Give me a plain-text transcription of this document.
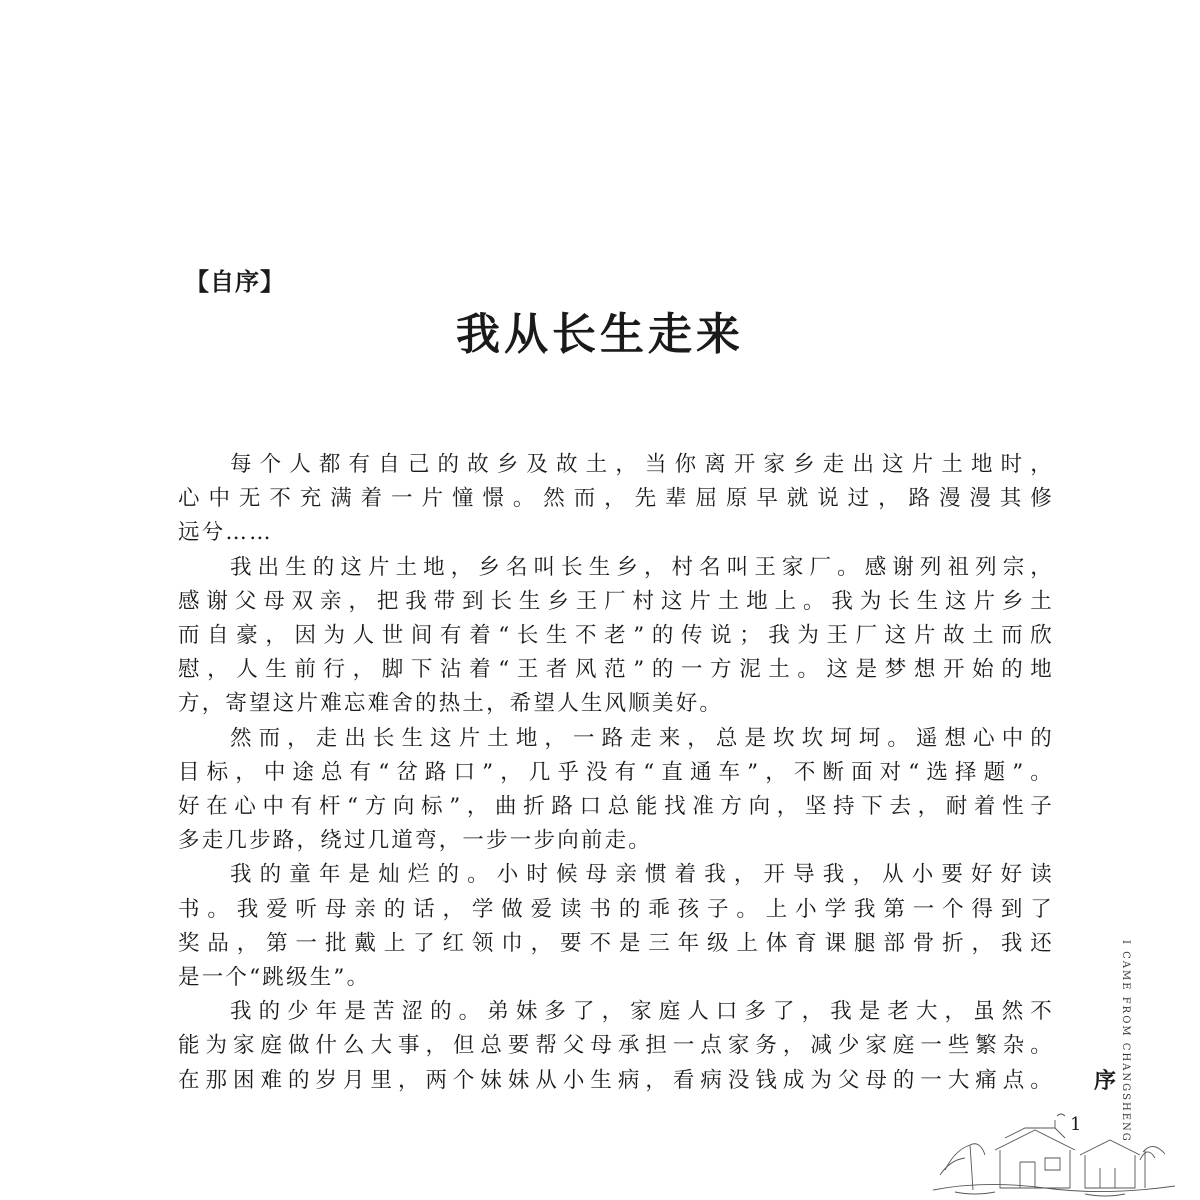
【自序】
我从长生走来

每个人都有自己的故乡及故土，当你离开家乡走出这片土地时，
心中无不充满着一片憧憬。然而，先辈屈原早就说过，路漫漫其修
远兮……

我出生的这片土地，乡名叫长生乡，村名叫王家厂。感谢列祖列宗，
感谢父母双亲，把我带到长生乡王厂村这片土地上。我为长生这片乡土
而自豪，因为人世间有着“长生不老”的传说；我为王厂这片故土而欣
慰，人生前行，脚下沾着“王者风范”的一方泥土。这是梦想开始的地
方，寄望这片难忘难舍的热土，希望人生风顺美好。

然而，走出长生这片土地，一路走来，总是坎坎坷坷。遥想心中的
目标，中途总有“岔路口”，几乎没有“直通车”，不断面对“选择题”。
好在心中有杆“方向标”，曲折路口总能找准方向，坚持下去，耐着性子
多走几步路，绕过几道弯，一步一步向前走。

我的童年是灿烂的。小时候母亲惯着我，开导我，从小要好好读
书。我爱听母亲的话，学做爱读书的乖孩子。上小学我第一个得到了
奖品，第一批戴上了红领巾，要不是三年级上体育课腿部骨折，我还
是一个“跳级生”。

我的少年是苦涩的。弟妹多了，家庭人口多了，我是老大，虽然不
能为家庭做什么大事，但总要帮父母承担一点家务，减少家庭一些繁杂。
在那困难的岁月里，两个妹妹从小生病，看病没钱成为父母的一大痛点。	I CAME FROM CHANGSHENG
序
1
